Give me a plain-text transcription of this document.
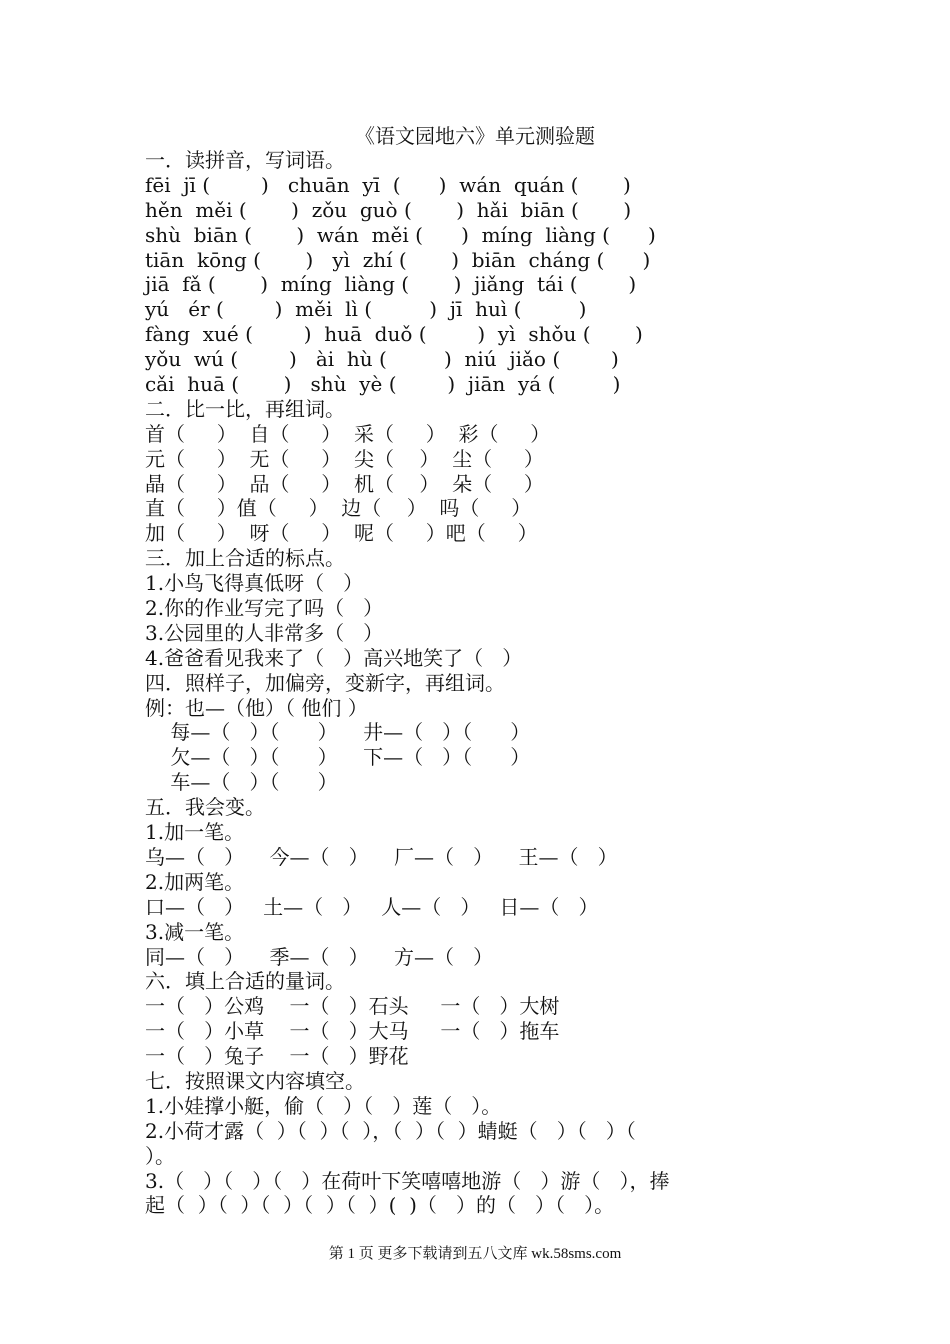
《语文园地六》单元测验题
一．读拼音，写词语。
fēi  jī (        )   chuān  yī  (      )  wán  quán (       )
hěn  měi (       )  zǒu  guò (       )  hǎi  biān (       )
shù  biān (       )  wán  měi (      )  míng  liàng (      )
tiān  kōng (       )   yì  zhí (       )  biān  cháng (      )
jiā  fǎ (       )  míng  liàng (       )  jiǎng  tái (        )
yú   ér (        )  měi  lì (         )  jī  huì (         )
fàng  xué (        )  huā  duǒ (        )  yì  shǒu (       )
yǒu  wú (        )   ài  hù (         )  niú  jiǎo (        )
cǎi  huā (       )   shù  yè (        )  jiān  yá (         )
二．比一比，再组词。
首（     ）  自（     ）  采（     ）  彩（     ）
元（     ）  无（     ）  尖（    ）  尘（     ）
晶（     ）  品（     ）  机（    ）  朵（     ）
直（     ）值（     ）  边（    ）  吗（     ）
加（     ）  呀（     ）  呢（     ）吧（     ）
三．加上合适的标点。
1.小鸟飞得真低呀（   ）
2.你的作业写完了吗（   ）
3.公园里的人非常多（   ）
4.爸爸看见我来了（   ）高兴地笑了（   ）
四．照样子，加偏旁，变新字，再组词。
例：也—（他）（ 他们 ）
每—（   ）（      ）    井—（   ）（      ）
欠—（   ）（      ）    下—（   ）（      ）
车—（   ）（      ）
五．我会变。
1.加一笔。
乌—（   ）    今—（   ）    厂—（   ）    王—（   ）
2.加两笔。
口—（   ）   土—（   ）   人—（   ）   日—（   ）
3.减一笔。
同—（   ）    季—（   ）    方—（   ）
六．填上合适的量词。
一（   ）公鸡    一（   ）石头     一（   ）大树
一（   ）小草    一（   ）大马     一（   ）拖车
一（   ）兔子    一（   ）野花
七．按照课文内容填空。
1.小娃撑小艇，偷（   ）（   ）莲（   ）。
2.小荷才露（  ）（  ）（  ），（  ）（  ）蜻蜓（   ）（   ）（
）。
3.（   ）（   ）（   ）在荷叶下笑嘻嘻地游（   ）游（   ），捧
起（  ）（  ）（  ）（  ）（  ）(  )（   ）的（   ）（   ）。
第 1 页 更多下载请到五八文库 wk.58sms.com
